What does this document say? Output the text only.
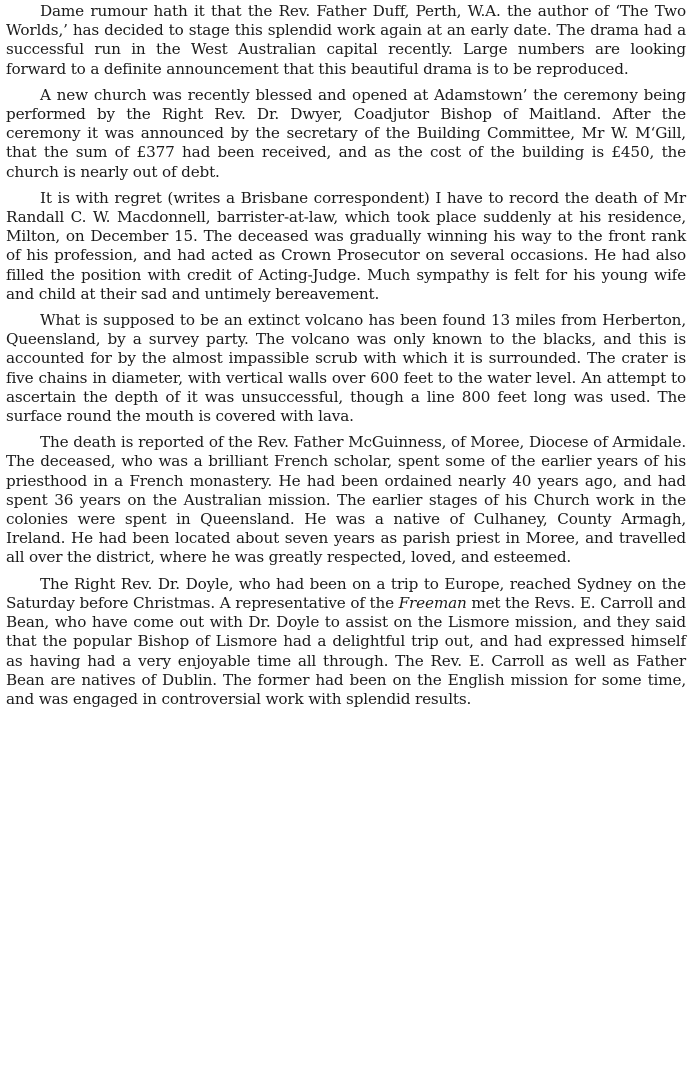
Dame rumour hath it that the Rev. Father Duff, Perth, W.A. the author of ‘The Two Worlds,’ has decided to stage this splendid work again at an early date. The drama had a successful run in the West Australian capital recently. Large numbers are looking forward to a definite announcement that this beautiful drama is to be reproduced.

A new church was recently blessed and opened at Adamstown’ the ceremony being performed by the Right Rev. Dr. Dwyer, Coadjutor Bishop of Maitland. After the ceremony it was announced by the secretary of the Building Committee, Mr W. M‘Gill, that the sum of £377 had been received, and as the cost of the building is £450, the church is nearly out of debt.

It is with regret (writes a Brisbane correspondent) I have to record the death of Mr Randall C. W. Macdonnell, barrister-at-law, which took place suddenly at his residence, Milton, on December 15. The deceased was gradually winning his way to the front rank of his profession, and had acted as Crown Prosecutor on several occasions. He had also filled the position with credit of Acting-Judge. Much sympathy is felt for his young wife and child at their sad and untimely bereavement.

What is supposed to be an extinct volcano has been found 13 miles from Herberton, Queensland, by a survey party. The volcano was only known to the blacks, and this is accounted for by the almost impassible scrub with which it is surrounded. The crater is five chains in diameter, with vertical walls over 600 feet to the water level. An attempt to ascertain the depth of it was unsuccessful, though a line 800 feet long was used. The surface round the mouth is covered with lava.

The death is reported of the Rev. Father McGuinness, of Moree, Diocese of Armidale. The deceased, who was a brilliant French scholar, spent some of the earlier years of his priesthood in a French monastery. He had been ordained nearly 40 years ago, and had spent 36 years on the Australian mission. The earlier stages of his Church work in the colonies were spent in Queensland. He was a native of Culhaney, County Armagh, Ireland. He had been located about seven years as parish priest in Moree, and travelled all over the district, where he was greatly respected, loved, and esteemed.

The Right Rev. Dr. Doyle, who had been on a trip to Europe, reached Sydney on the Saturday before Christmas. A representative of the Freeman met the Revs. E. Carroll and Bean, who have come out with Dr. Doyle to assist on the Lismore mission, and they said that the popular Bishop of Lismore had a delightful trip out, and had expressed himself as having had a very enjoyable time all through. The Rev. E. Carroll as well as Father Bean are natives of Dublin. The former had been on the English mission for some time, and was engaged in controversial work with splendid results.
